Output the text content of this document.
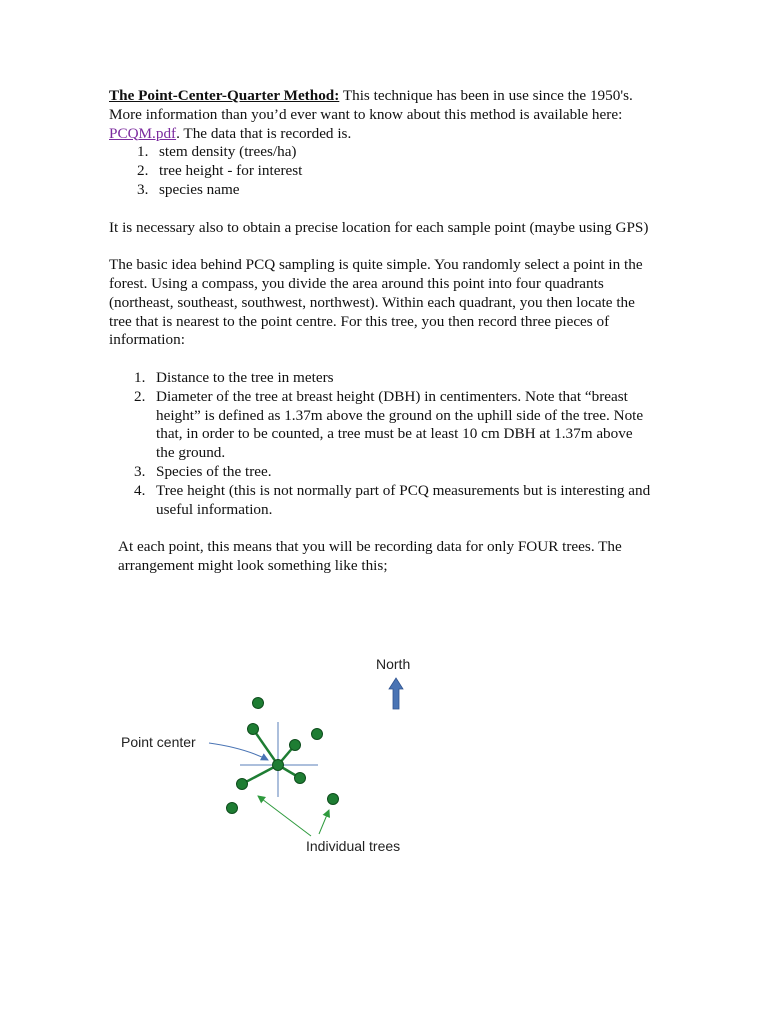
The Point-Center-Quarter Method: This technique has been in use since the 1950's. More information than you’d ever want to know about this method is available here: PCQM.pdf. The data that is recorded is.

1. stem density (trees/ha)
2. tree height - for interest
3. species name

It is necessary also to obtain a precise location for each sample point (maybe using GPS)

The basic idea behind PCQ sampling is quite simple. You randomly select a point in the forest. Using a compass, you divide the area around this point into four quadrants (northeast, southeast, southwest, northwest). Within each quadrant, you then locate the tree that is nearest to the point centre. For this tree, you then record three pieces of information:

1. Distance to the tree in meters
2. Diameter of the tree at breast height (DBH) in centimenters. Note that “breast height” is defined as 1.37m above the ground on the uphill side of the tree. Note that, in order to be counted, a tree must be at least 10 cm DBH at 1.37m above the ground.
3. Species of the tree.
4. Tree height (this is not normally part of PCQ measurements but is interesting and useful information.

At each point, this means that you will be recording data for only FOUR trees. The arrangement might look something like this;

North
Point center
Individual trees
